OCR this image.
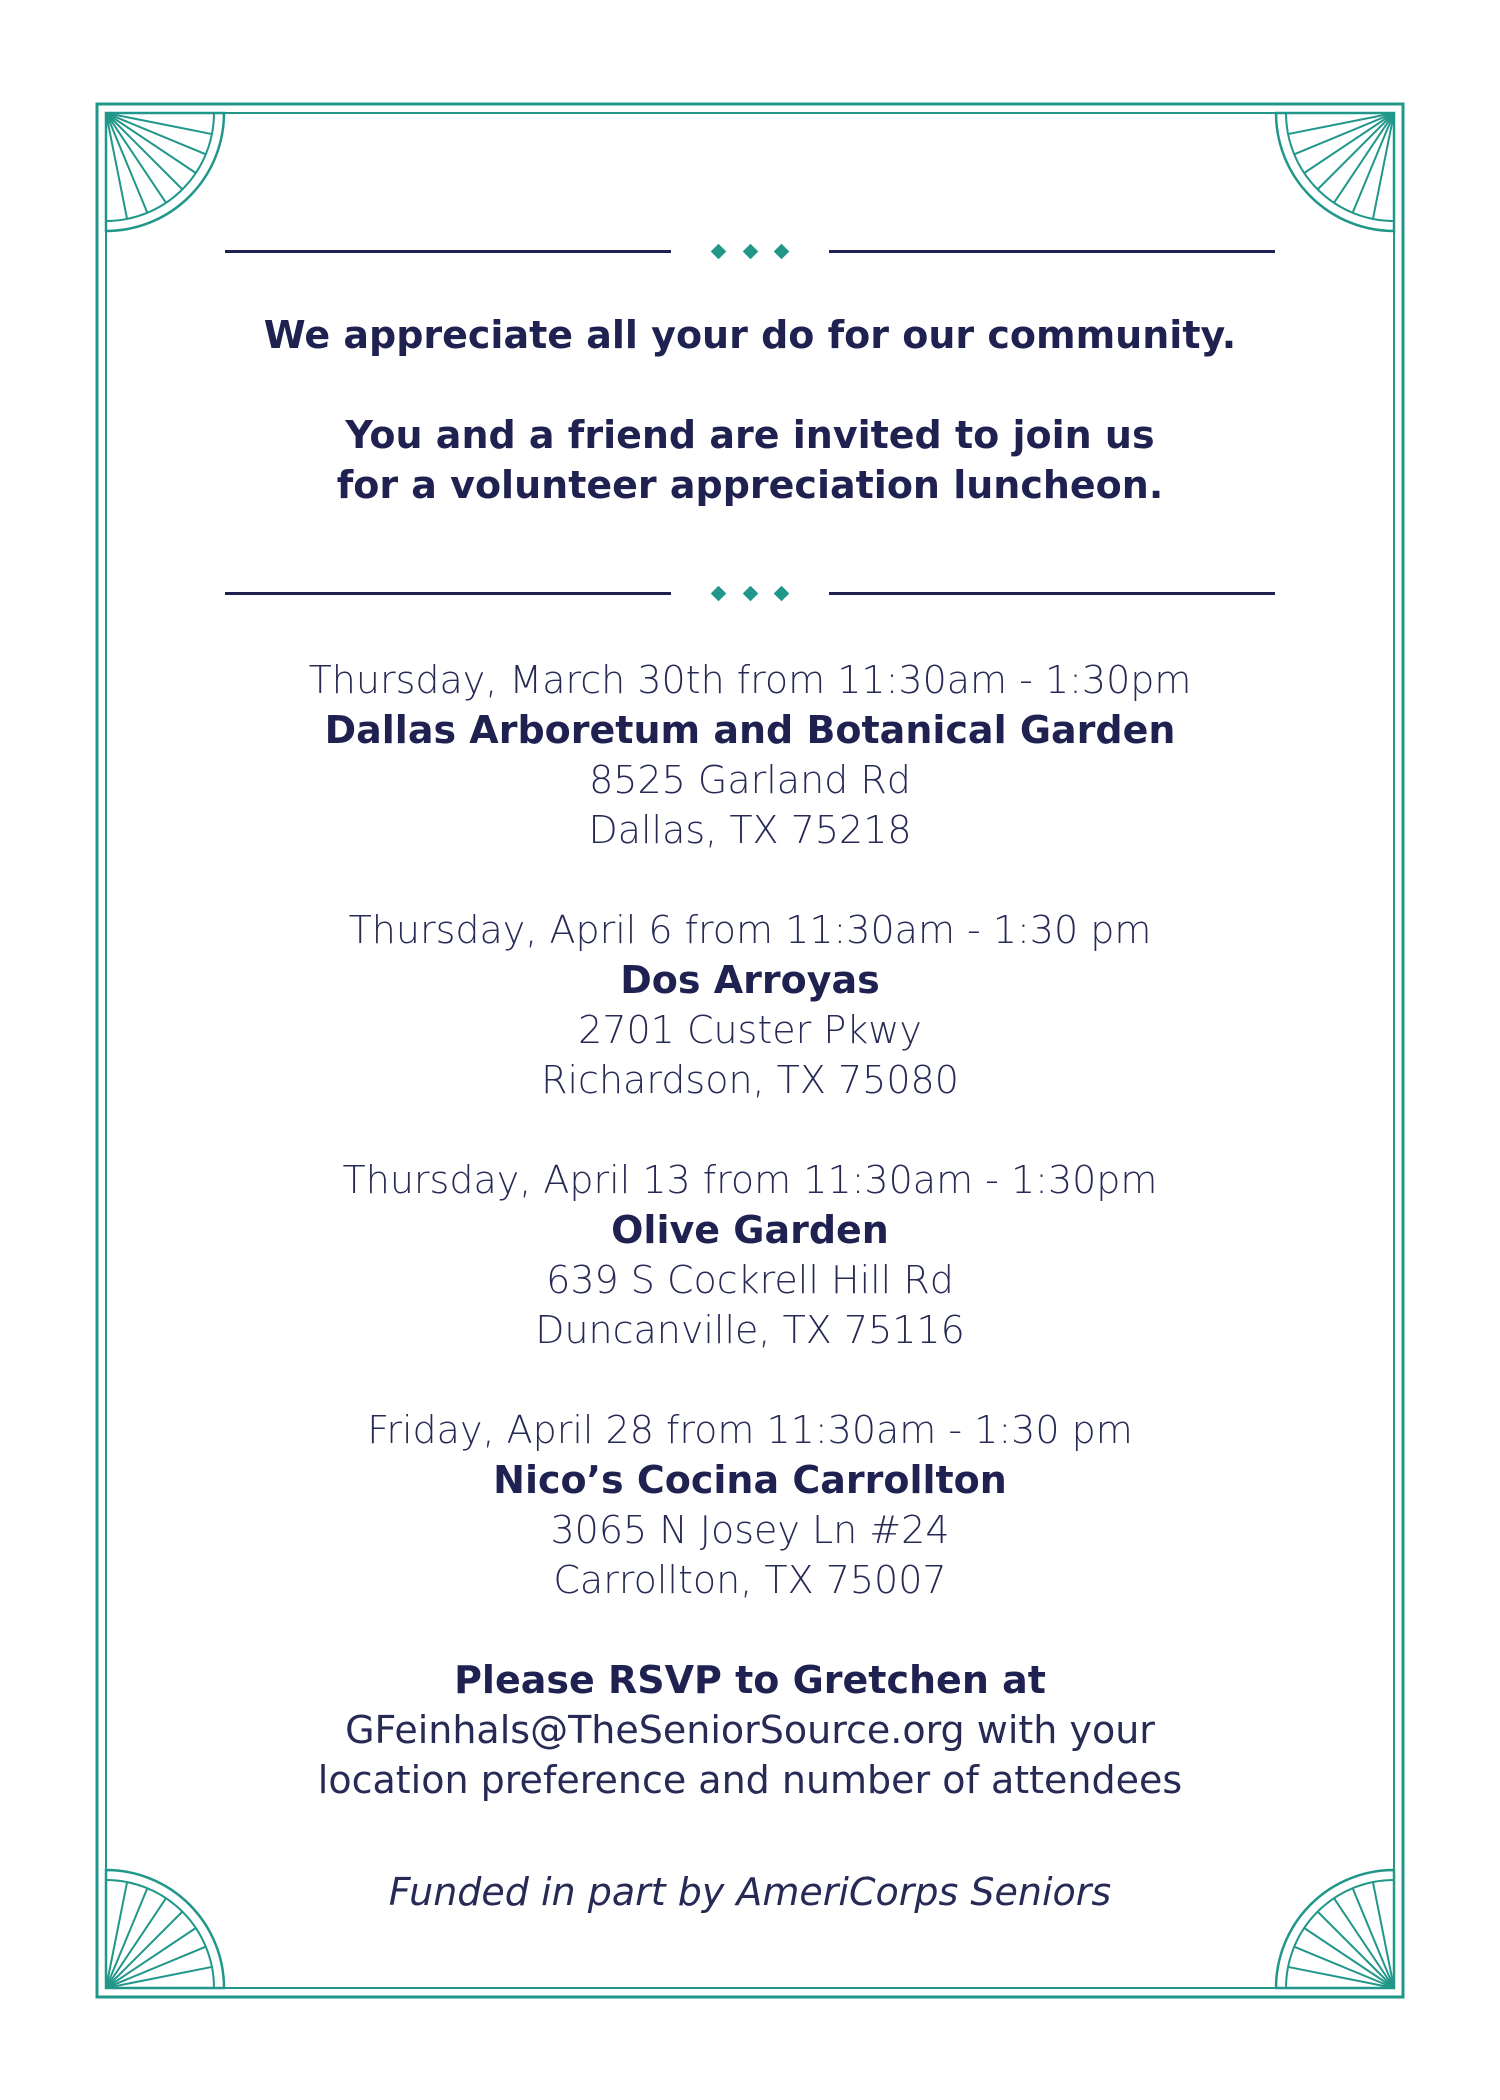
We appreciate all your do for our community.
You and a friend are invited to join us
for a volunteer appreciation luncheon.
Thursday, March 30th from 11:30am - 1:30pm
Dallas Arboretum and Botanical Garden
8525 Garland Rd
Dallas, TX 75218
Thursday, April 6 from 11:30am - 1:30 pm
Dos Arroyas
2701 Custer Pkwy
Richardson, TX 75080
Thursday, April 13 from 11:30am - 1:30pm
Olive Garden
639 S Cockrell Hill Rd
Duncanville, TX 75116
Friday, April 28 from 11:30am - 1:30 pm
Nico’s Cocina Carrollton
3065 N Josey Ln #24
Carrollton, TX 75007
Please RSVP to Gretchen at
GFeinhals@TheSeniorSource.org with your
location preference and number of attendees
Funded in part by AmeriCorps Seniors
